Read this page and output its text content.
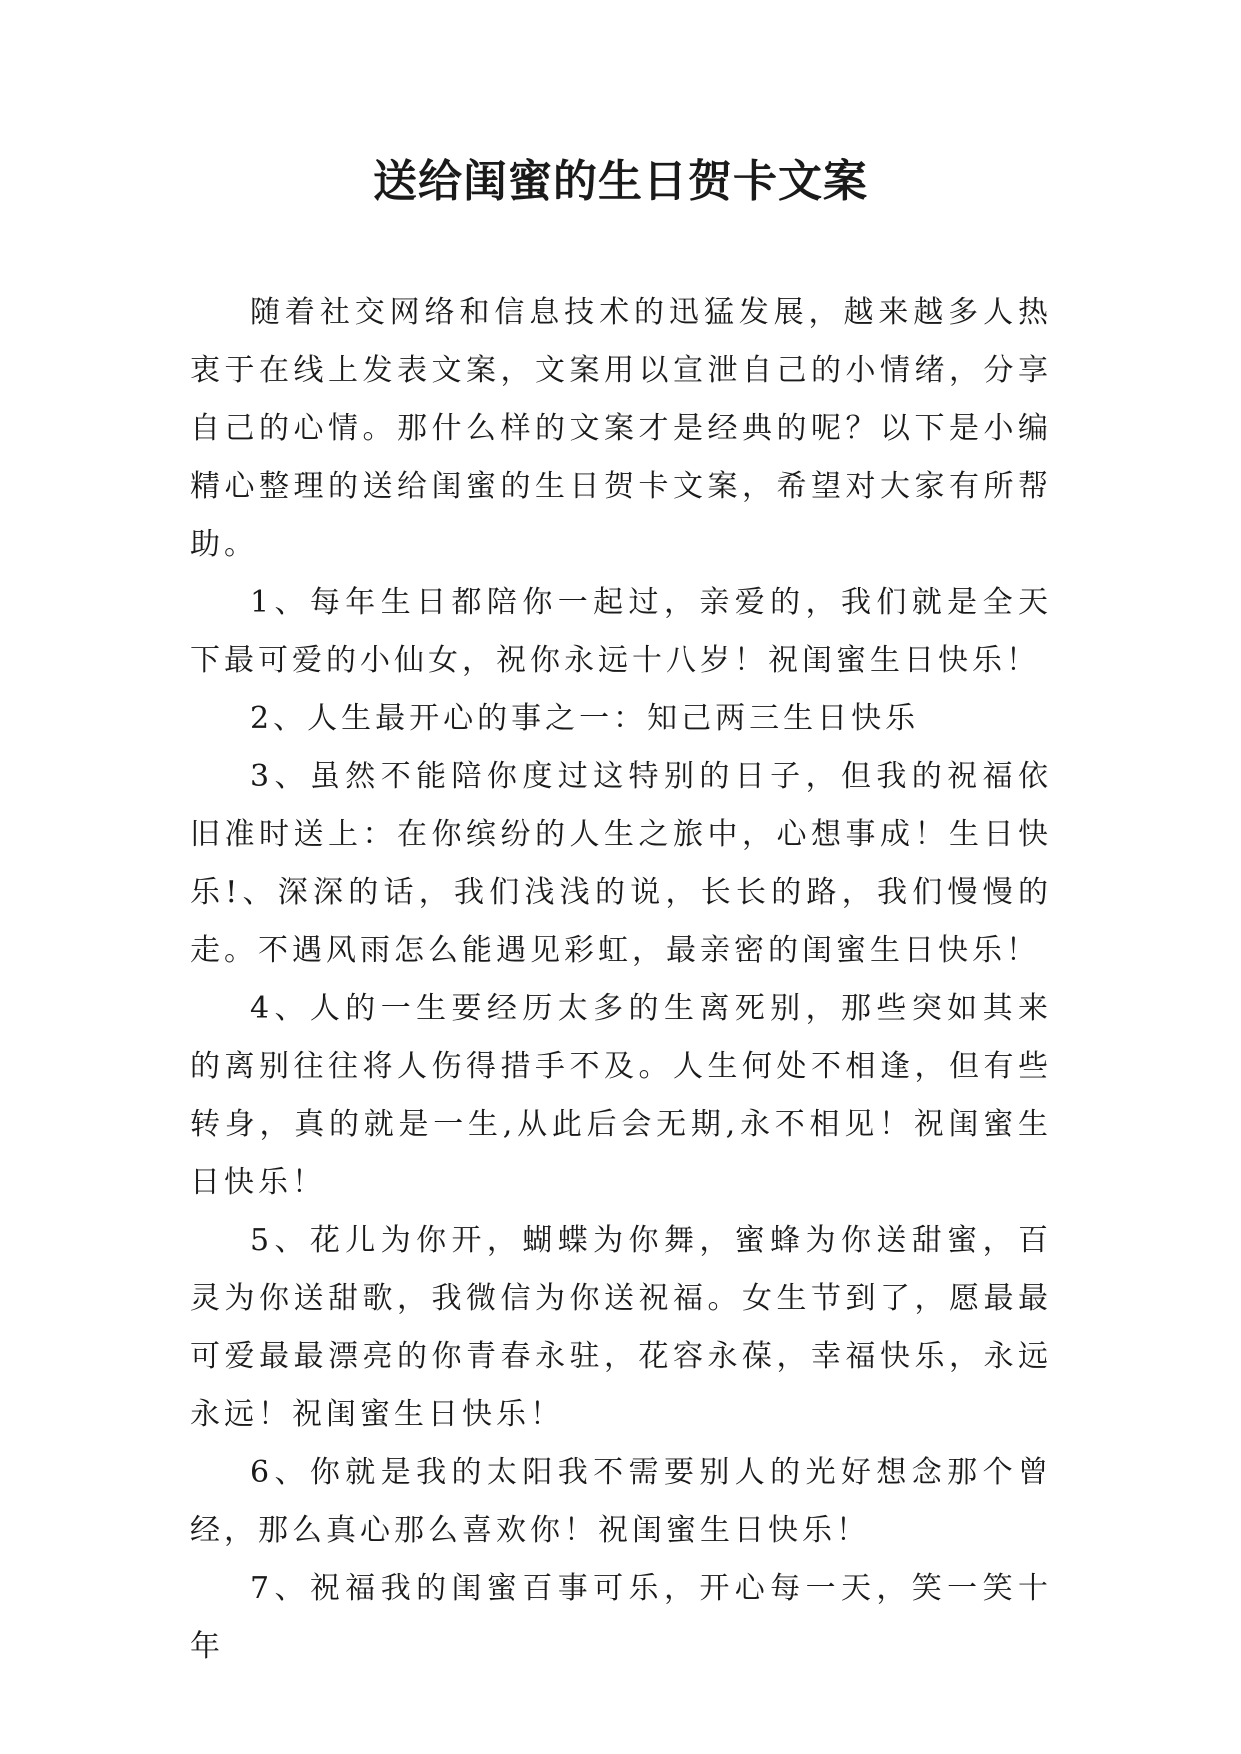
送给闺蜜的生日贺卡文案

随着社交网络和信息技术的迅猛发展，越来越多人热衷于在线上发表文案，文案用以宣泄自己的小情绪，分享自己的心情。那什么样的文案才是经典的呢？以下是小编精心整理的送给闺蜜的生日贺卡文案，希望对大家有所帮助。

1、每年生日都陪你一起过，亲爱的，我们就是全天下最可爱的小仙女，祝你永远十八岁！祝闺蜜生日快乐！

2、人生最开心的事之一：知己两三生日快乐

3、虽然不能陪你度过这特别的日子，但我的祝福依旧准时送上：在你缤纷的人生之旅中，心想事成！生日快乐!、深深的话，我们浅浅的说，长长的路，我们慢慢的走。不遇风雨怎么能遇见彩虹，最亲密的闺蜜生日快乐！

4、人的一生要经历太多的生离死别，那些突如其来的离别往往将人伤得措手不及。人生何处不相逢，但有些转身，真的就是一生,从此后会无期,永不相见！祝闺蜜生日快乐！

5、花儿为你开，蝴蝶为你舞，蜜蜂为你送甜蜜，百灵为你送甜歌，我微信为你送祝福。女生节到了，愿最最可爱最最漂亮的你青春永驻，花容永葆，幸福快乐，永远永远！祝闺蜜生日快乐！

6、你就是我的太阳我不需要别人的光好想念那个曾经，那么真心那么喜欢你！祝闺蜜生日快乐！

7、祝福我的闺蜜百事可乐，开心每一天，笑一笑十年
